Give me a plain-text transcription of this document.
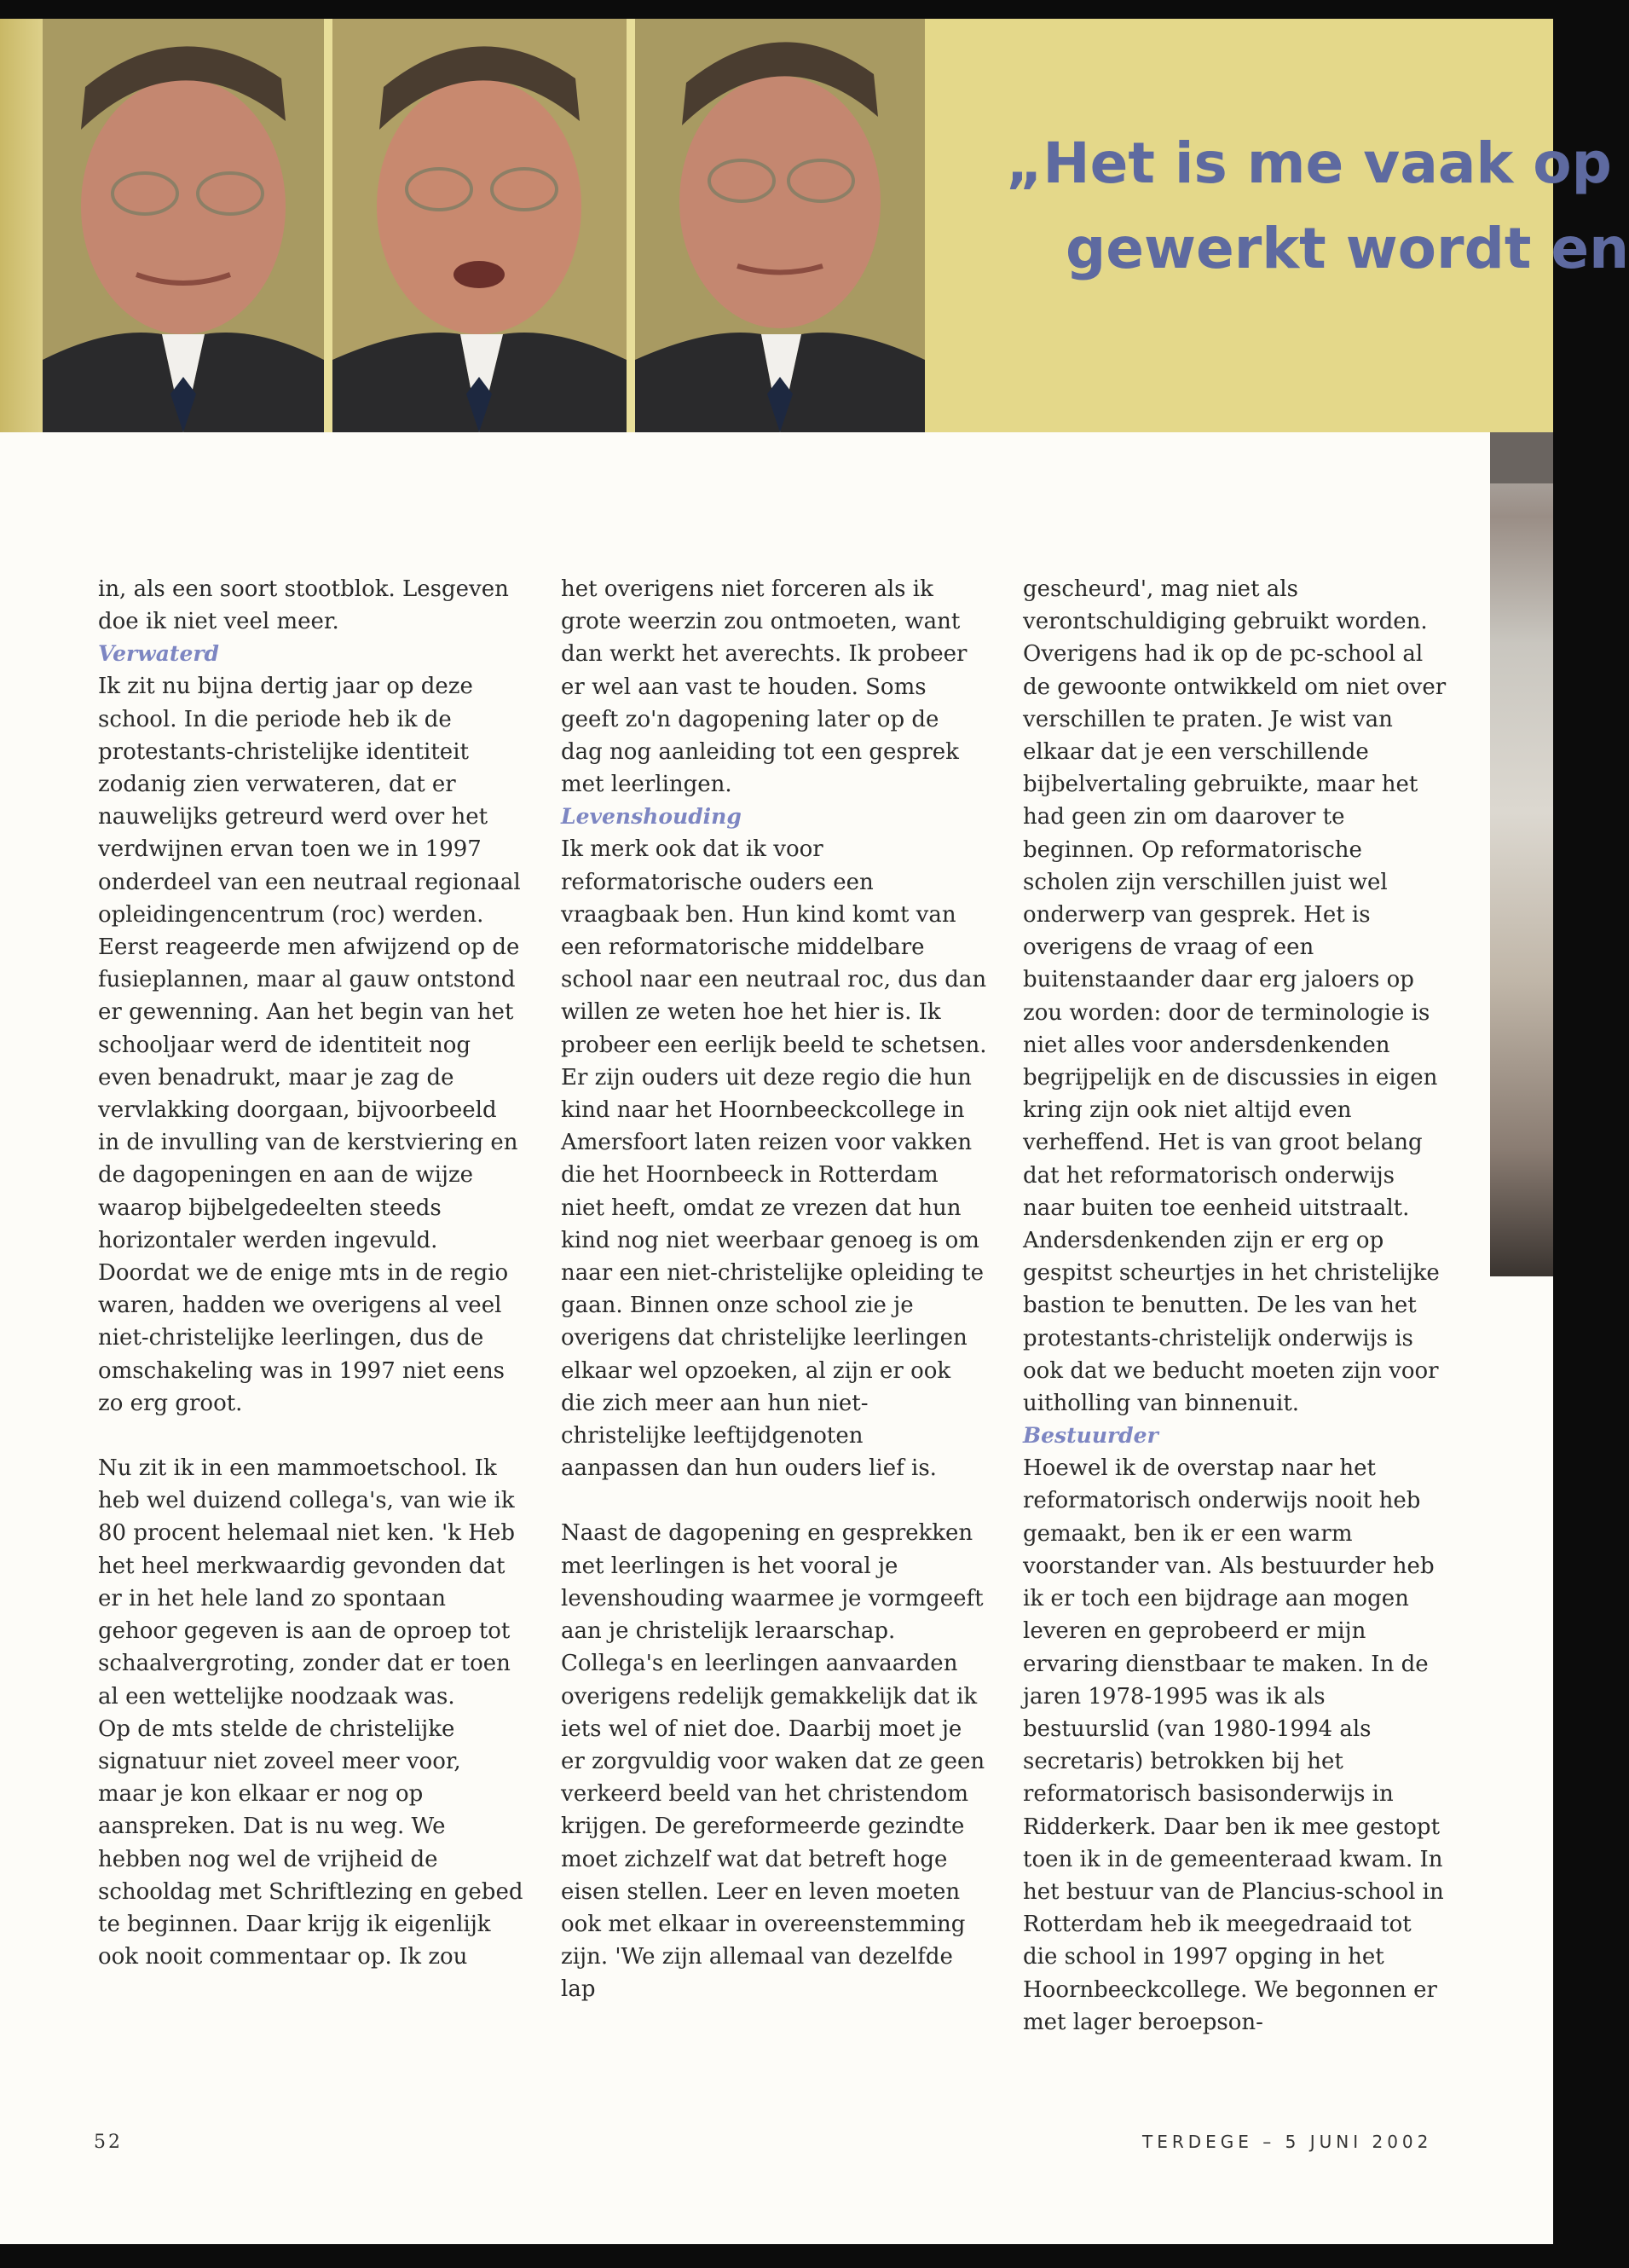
„Het is me vaak op
gewerkt wordt en

in, als een soort stootblok. Lesgeven doe ik niet veel meer.

Verwaterd

Ik zit nu bijna dertig jaar op deze school. In die periode heb ik de protestants-christelijke identiteit zodanig zien verwateren, dat er nauwelijks getreurd werd over het verdwijnen ervan toen we in 1997 onderdeel van een neutraal regionaal opleidingencentrum (roc) werden. Eerst reageerde men afwijzend op de fusieplannen, maar al gauw ontstond er gewenning. Aan het begin van het schooljaar werd de identiteit nog even benadrukt, maar je zag de vervlakking doorgaan, bijvoorbeeld in de invulling van de kerstviering en de dagopeningen en aan de wijze waarop bijbelgedeelten steeds horizontaler werden ingevuld. Doordat we de enige mts in de regio waren, hadden we overigens al veel niet-christelijke leerlingen, dus de omschakeling was in 1997 niet eens zo erg groot.

Nu zit ik in een mammoetschool. Ik heb wel duizend collega's, van wie ik 80 procent helemaal niet ken. 'k Heb het heel merkwaardig gevonden dat er in het hele land zo spontaan gehoor gegeven is aan de oproep tot schaalvergroting, zonder dat er toen al een wettelijke noodzaak was.

Op de mts stelde de christelijke signatuur niet zoveel meer voor, maar je kon elkaar er nog op aanspreken. Dat is nu weg. We hebben nog wel de vrijheid de schooldag met Schriftlezing en gebed te beginnen. Daar krijg ik eigenlijk ook nooit commentaar op. Ik zou

het overigens niet forceren als ik grote weerzin zou ontmoeten, want dan werkt het averechts. Ik probeer er wel aan vast te houden. Soms geeft zo'n dagopening later op de dag nog aanleiding tot een gesprek met leerlingen.

Levenshouding

Ik merk ook dat ik voor reformatorische ouders een vraagbaak ben. Hun kind komt van een reformatorische middelbare school naar een neutraal roc, dus dan willen ze weten hoe het hier is. Ik probeer een eerlijk beeld te schetsen. Er zijn ouders uit deze regio die hun kind naar het Hoornbeeckcollege in Amersfoort laten reizen voor vakken die het Hoornbeeck in Rotterdam niet heeft, omdat ze vrezen dat hun kind nog niet weerbaar genoeg is om naar een niet-christelijke opleiding te gaan. Binnen onze school zie je overigens dat christelijke leerlingen elkaar wel opzoeken, al zijn er ook die zich meer aan hun niet-christelijke leeftijdgenoten aanpassen dan hun ouders lief is.

Naast de dagopening en gesprekken met leerlingen is het vooral je levenshouding waarmee je vormgeeft aan je christelijk leraarschap. Collega's en leerlingen aanvaarden overigens redelijk gemakkelijk dat ik iets wel of niet doe. Daarbij moet je er zorgvuldig voor waken dat ze geen verkeerd beeld van het christendom krijgen. De gereformeerde gezindte moet zichzelf wat dat betreft hoge eisen stellen. Leer en leven moeten ook met elkaar in overeenstemming zijn. 'We zijn allemaal van dezelfde lap

gescheurd', mag niet als verontschuldiging gebruikt worden. Overigens had ik op de pc-school al de gewoonte ontwikkeld om niet over verschillen te praten. Je wist van elkaar dat je een verschillende bijbelvertaling gebruikte, maar het had geen zin om daarover te beginnen. Op reformatorische scholen zijn verschillen juist wel onderwerp van gesprek. Het is overigens de vraag of een buitenstaander daar erg jaloers op zou worden: door de terminologie is niet alles voor andersdenkenden begrijpelijk en de discussies in eigen kring zijn ook niet altijd even verheffend. Het is van groot belang dat het reformatorisch onderwijs naar buiten toe eenheid uitstraalt. Andersdenkenden zijn er erg op gespitst scheurtjes in het christelijke bastion te benutten. De les van het protestants-christelijk onderwijs is ook dat we beducht moeten zijn voor uitholling van binnenuit.

Bestuurder

Hoewel ik de overstap naar het reformatorisch onderwijs nooit heb gemaakt, ben ik er een warm voorstander van. Als bestuurder heb ik er toch een bijdrage aan mogen leveren en geprobeerd er mijn ervaring dienstbaar te maken. In de jaren 1978-1995 was ik als bestuurslid (van 1980-1994 als secretaris) betrokken bij het reformatorisch basisonderwijs in Ridderkerk. Daar ben ik mee gestopt toen ik in de gemeenteraad kwam. In het bestuur van de Plancius-school in Rotterdam heb ik meegedraaid tot die school in 1997 opging in het Hoornbeeckcollege. We begonnen er met lager beroepson-

52	TERDEGE – 5 JUNI 2002
